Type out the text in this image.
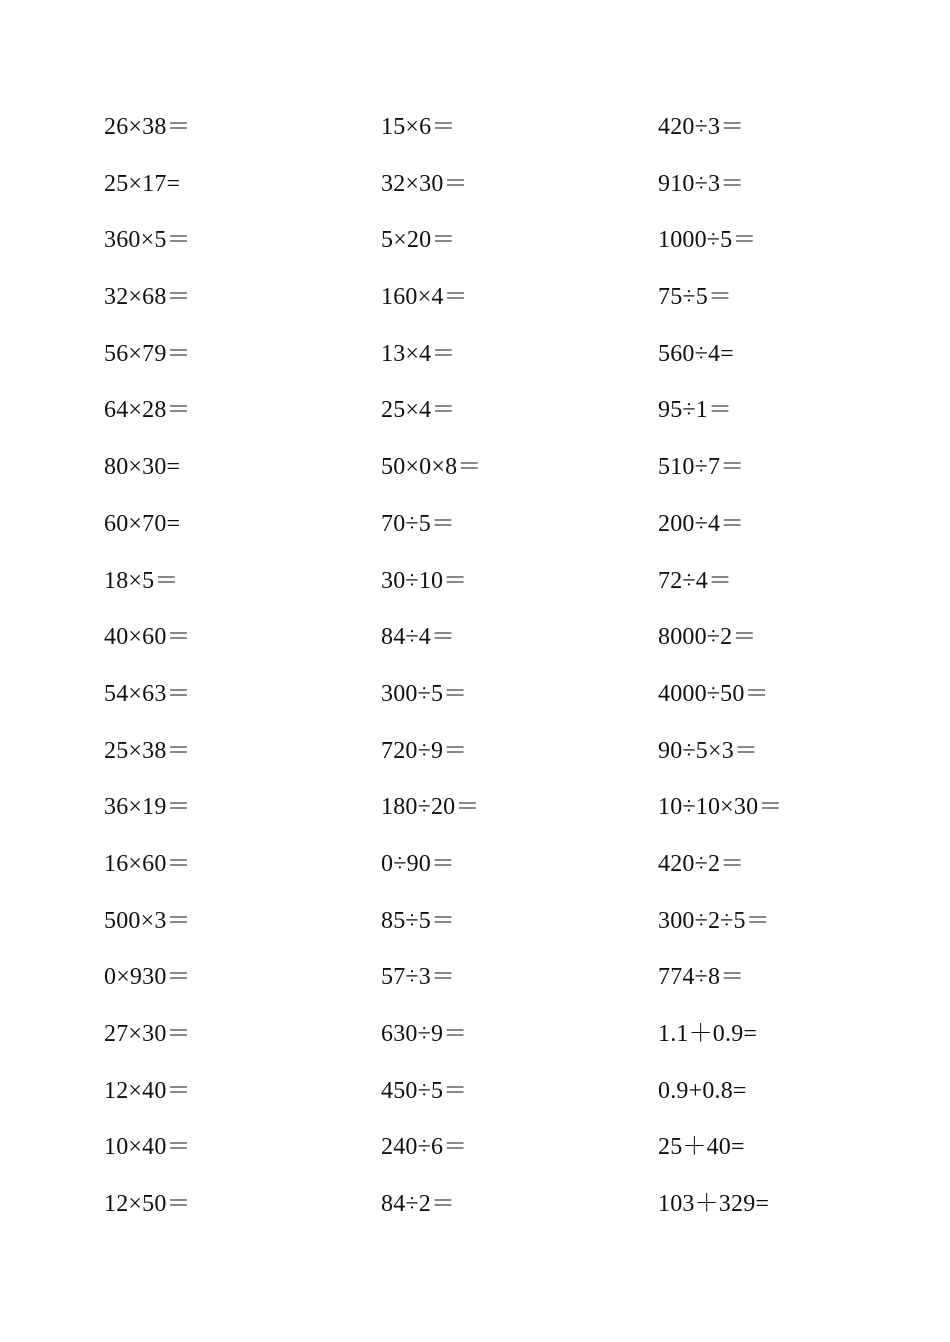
26×38＝	15×6＝	420÷3＝
25×17=	32×30＝	910÷3＝
360×5＝	5×20＝	1000÷5＝
32×68＝	160×4＝	75÷5＝
56×79＝	13×4＝	560÷4=
64×28＝	25×4＝	95÷1＝
80×30=	50×0×8＝	510÷7＝
60×70=	70÷5＝	200÷4＝
18×5＝	30÷10＝	72÷4＝
40×60＝	84÷4＝	8000÷2＝
54×63＝	300÷5＝	4000÷50＝
25×38＝	720÷9＝	90÷5×3＝
36×19＝	180÷20＝	10÷10×30＝
16×60＝	0÷90＝	420÷2＝
500×3＝	85÷5＝	300÷2÷5＝
0×930＝	57÷3＝	774÷8＝
27×30＝	630÷9＝	1.1＋0.9=
12×40＝	450÷5＝	0.9+0.8=
10×40＝	240÷6＝	25＋40=
12×50＝	84÷2＝	103＋329=
